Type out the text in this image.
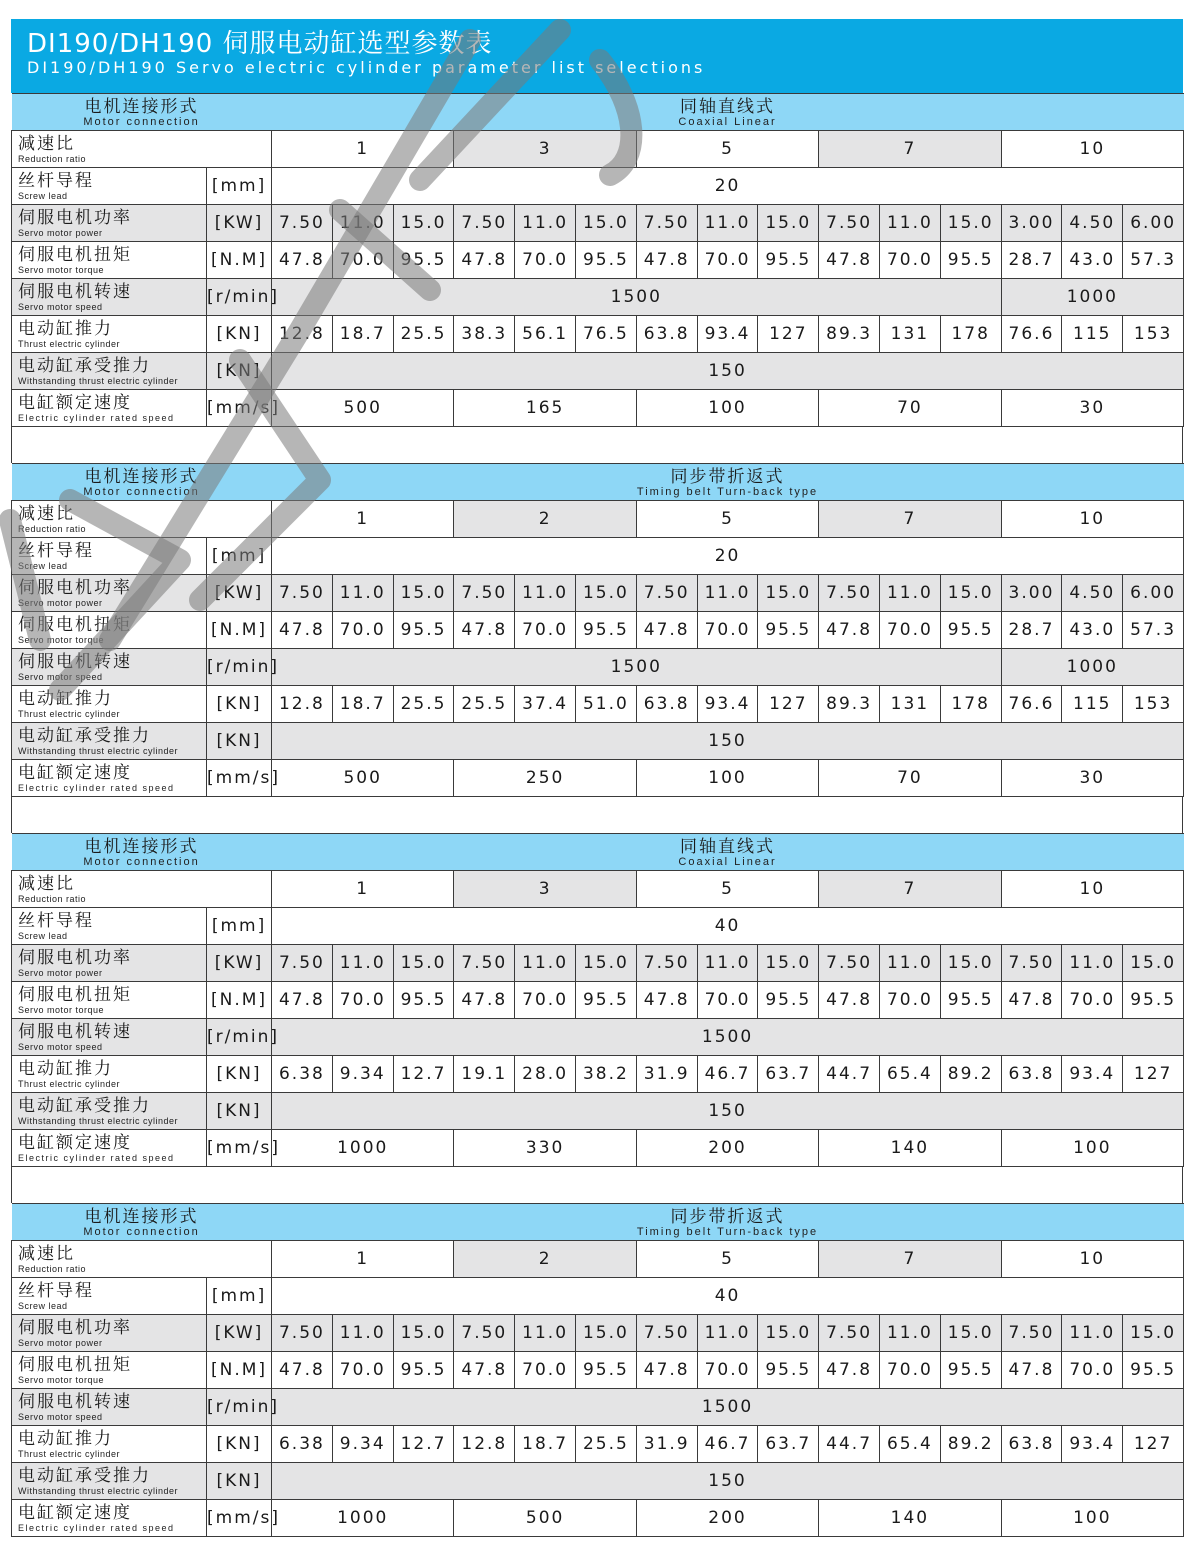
DI190/DH190 伺服电动缸选型参数表
DI190/DH190 Servo electric cylinder parameter list selections
电机连接形式
Motor connection		同轴直线式
Coaxial Linear														

减速比
Reduction ratio		1			3			5			7			10		

丝杆导程
Screw lead	[mm]	20														

伺服电机功率
Servo motor power	[KW]	7.50	11.0	15.0	7.50	11.0	15.0	7.50	11.0	15.0	7.50	11.0	15.0	3.00	4.50	6.00

伺服电机扭矩
Servo motor torque	[N.M]	47.8	70.0	95.5	47.8	70.0	95.5	47.8	70.0	95.5	47.8	70.0	95.5	28.7	43.0	57.3

伺服电机转速
Servo motor speed	[r/min]	1500												1000		

电动缸推力
Thrust electric cylinder	[KN]	12.8	18.7	25.5	38.3	56.1	76.5	63.8	93.4	127	89.3	131	178	76.6	115	153

电动缸承受推力
Withstanding thrust electric cylinder	[KN]	150														

电缸额定速度
Electric cylinder rated speed	[mm/s]	500			165			100			70			30		
电机连接形式
Motor connection		同步带折返式
Timing belt Turn-back type														

减速比
Reduction ratio		1			2			5			7			10		

丝杆导程
Screw lead	[mm]	20														

伺服电机功率
Servo motor power	[KW]	7.50	11.0	15.0	7.50	11.0	15.0	7.50	11.0	15.0	7.50	11.0	15.0	3.00	4.50	6.00

伺服电机扭矩
Servo motor torque	[N.M]	47.8	70.0	95.5	47.8	70.0	95.5	47.8	70.0	95.5	47.8	70.0	95.5	28.7	43.0	57.3

伺服电机转速
Servo motor speed	[r/min]	1500												1000		

电动缸推力
Thrust electric cylinder	[KN]	12.8	18.7	25.5	25.5	37.4	51.0	63.8	93.4	127	89.3	131	178	76.6	115	153

电动缸承受推力
Withstanding thrust electric cylinder	[KN]	150														

电缸额定速度
Electric cylinder rated speed	[mm/s]	500			250			100			70			30		
电机连接形式
Motor connection		同轴直线式
Coaxial Linear														

减速比
Reduction ratio		1			3			5			7			10		

丝杆导程
Screw lead	[mm]	40														

伺服电机功率
Servo motor power	[KW]	7.50	11.0	15.0	7.50	11.0	15.0	7.50	11.0	15.0	7.50	11.0	15.0	7.50	11.0	15.0

伺服电机扭矩
Servo motor torque	[N.M]	47.8	70.0	95.5	47.8	70.0	95.5	47.8	70.0	95.5	47.8	70.0	95.5	47.8	70.0	95.5

伺服电机转速
Servo motor speed	[r/min]	1500														

电动缸推力
Thrust electric cylinder	[KN]	6.38	9.34	12.7	19.1	28.0	38.2	31.9	46.7	63.7	44.7	65.4	89.2	63.8	93.4	127

电动缸承受推力
Withstanding thrust electric cylinder	[KN]	150														

电缸额定速度
Electric cylinder rated speed	[mm/s]	1000			330			200			140			100		
电机连接形式
Motor connection		同步带折返式
Timing belt Turn-back type														

减速比
Reduction ratio		1			2			5			7			10		

丝杆导程
Screw lead	[mm]	40														

伺服电机功率
Servo motor power	[KW]	7.50	11.0	15.0	7.50	11.0	15.0	7.50	11.0	15.0	7.50	11.0	15.0	7.50	11.0	15.0

伺服电机扭矩
Servo motor torque	[N.M]	47.8	70.0	95.5	47.8	70.0	95.5	47.8	70.0	95.5	47.8	70.0	95.5	47.8	70.0	95.5

伺服电机转速
Servo motor speed	[r/min]	1500														

电动缸推力
Thrust electric cylinder	[KN]	6.38	9.34	12.7	12.8	18.7	25.5	31.9	46.7	63.7	44.7	65.4	89.2	63.8	93.4	127

电动缸承受推力
Withstanding thrust electric cylinder	[KN]	150														

电缸额定速度
Electric cylinder rated speed	[mm/s]	1000			500			200			140			100		
